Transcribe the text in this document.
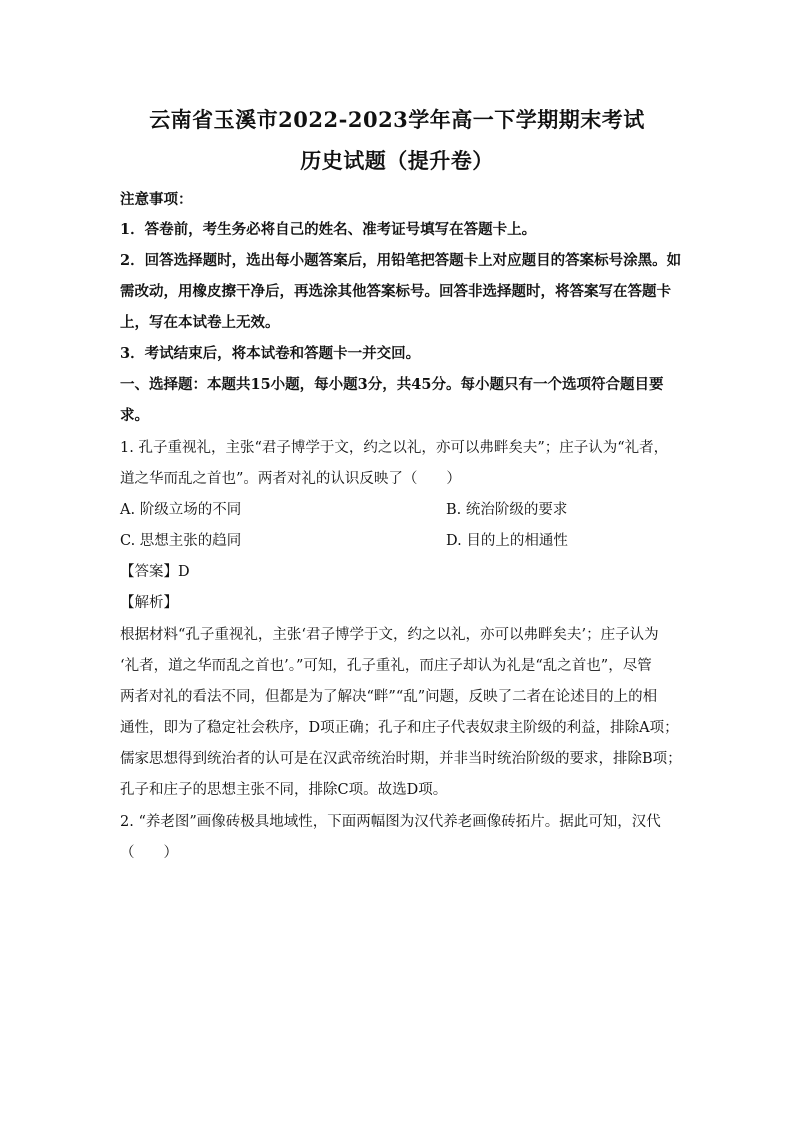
云南省玉溪市2022-2023学年高一下学期期末考试
历史试题（提升卷）
注意事项：
1．答卷前，考生务必将自己的姓名、准考证号填写在答题卡上。
2．回答选择题时，选出每小题答案后，用铅笔把答题卡上对应题目的答案标号涂黑。如
需改动，用橡皮擦干净后，再选涂其他答案标号。回答非选择题时，将答案写在答题卡
上，写在本试卷上无效。
3．考试结束后，将本试卷和答题卡一并交回。
一、选择题：本题共15小题，每小题3分，共45分。每小题只有一个选项符合题目要
求。
1. 孔子重视礼，主张“君子博学于文，约之以礼，亦可以弗畔矣夫”；庄子认为“礼者，
道之华而乱之首也”。两者对礼的认识反映了（　　）
A. 阶级立场的不同	B. 统治阶级的要求
C. 思想主张的趋同	D. 目的上的相通性
【答案】D
【解析】
根据材料“孔子重视礼，主张‘君子博学于文，约之以礼，亦可以弗畔矣夫’；庄子认为
‘礼者，道之华而乱之首也’。”可知，孔子重礼，而庄子却认为礼是“乱之首也”，尽管
两者对礼的看法不同，但都是为了解决“畔”“乱”问题，反映了二者在论述目的上的相
通性，即为了稳定社会秩序，D项正确；孔子和庄子代表奴隶主阶级的利益，排除A项；
儒家思想得到统治者的认可是在汉武帝统治时期，并非当时统治阶级的要求，排除B项；
孔子和庄子的思想主张不同，排除C项。故选D项。
2. “养老图”画像砖极具地域性，下面两幅图为汉代养老画像砖拓片。据此可知，汉代
（　　）
